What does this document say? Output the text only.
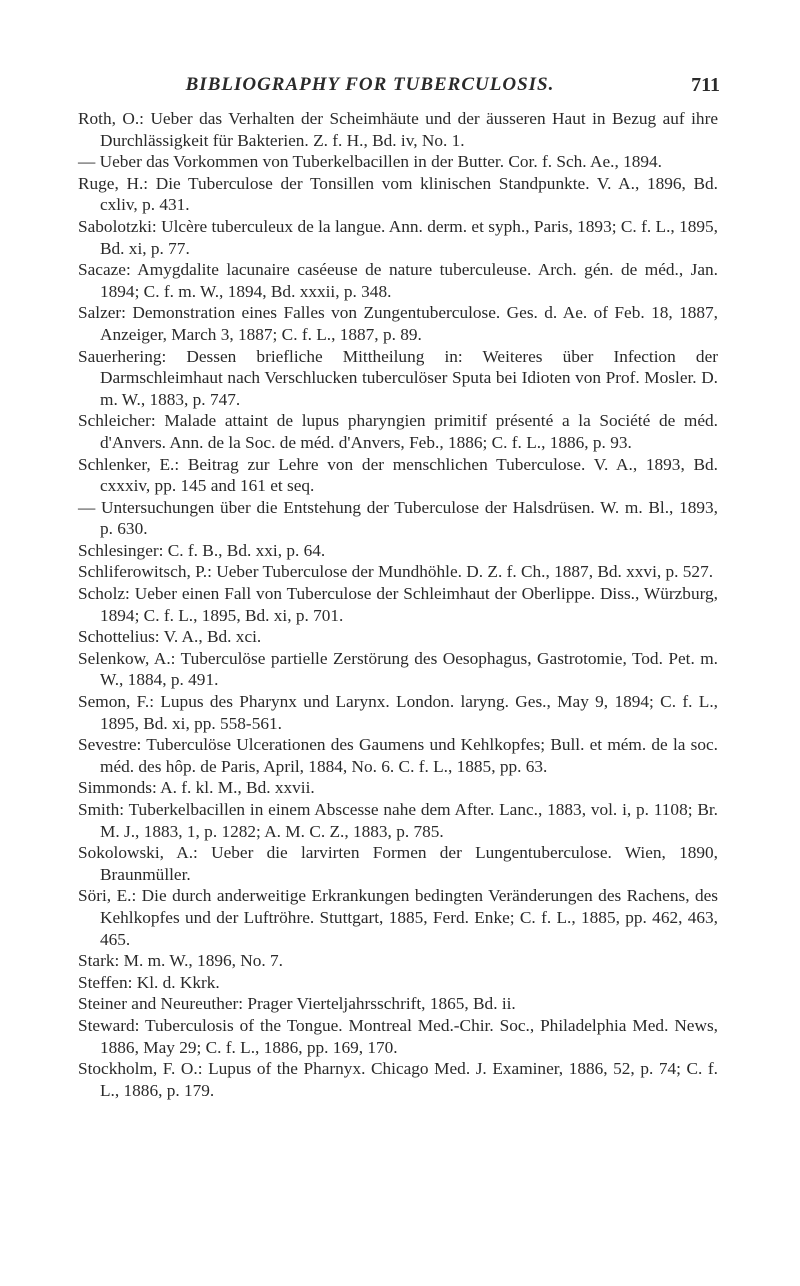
BIBLIOGRAPHY FOR TUBERCULOSIS.	711

Roth, O.: Ueber das Verhalten der Scheimhäute und der äusseren Haut in Bezug auf ihre Durchlässigkeit für Bakterien. Z. f. H., Bd. iv, No. 1.

— Ueber das Vorkommen von Tuberkelbacillen in der Butter. Cor. f. Sch. Ae., 1894.

Ruge, H.: Die Tuberculose der Tonsillen vom klinischen Standpunkte. V. A., 1896, Bd. cxliv, p. 431.

Sabolotzki: Ulcère tuberculeux de la langue. Ann. derm. et syph., Paris, 1893; C. f. L., 1895, Bd. xi, p. 77.

Sacaze: Amygdalite lacunaire caséeuse de nature tuberculeuse. Arch. gén. de méd., Jan. 1894; C. f. m. W., 1894, Bd. xxxii, p. 348.

Salzer: Demonstration eines Falles von Zungentuberculose. Ges. d. Ae. of Feb. 18, 1887, Anzeiger, March 3, 1887; C. f. L., 1887, p. 89.

Sauerhering: Dessen briefliche Mittheilung in: Weiteres über Infection der Darmschleimhaut nach Verschlucken tuberculöser Sputa bei Idioten von Prof. Mosler. D. m. W., 1883, p. 747.

Schleicher: Malade attaint de lupus pharyngien primitif présenté a la Société de méd. d'Anvers. Ann. de la Soc. de méd. d'Anvers, Feb., 1886; C. f. L., 1886, p. 93.

Schlenker, E.: Beitrag zur Lehre von der menschlichen Tuberculose. V. A., 1893, Bd. cxxxiv, pp. 145 and 161 et seq.

— Untersuchungen über die Entstehung der Tuberculose der Halsdrüsen. W. m. Bl., 1893, p. 630.

Schlesinger: C. f. B., Bd. xxi, p. 64.

Schliferowitsch, P.: Ueber Tuberculose der Mundhöhle. D. Z. f. Ch., 1887, Bd. xxvi, p. 527.

Scholz: Ueber einen Fall von Tuberculose der Schleimhaut der Oberlippe. Diss., Würzburg, 1894; C. f. L., 1895, Bd. xi, p. 701.

Schottelius: V. A., Bd. xci.

Selenkow, A.: Tuberculöse partielle Zerstörung des Oesophagus, Gastrotomie, Tod. Pet. m. W., 1884, p. 491.

Semon, F.: Lupus des Pharynx und Larynx. London. laryng. Ges., May 9, 1894; C. f. L., 1895, Bd. xi, pp. 558-561.

Sevestre: Tuberculöse Ulcerationen des Gaumens und Kehlkopfes; Bull. et mém. de la soc. méd. des hôp. de Paris, April, 1884, No. 6. C. f. L., 1885, pp. 63.

Simmonds: A. f. kl. M., Bd. xxvii.

Smith: Tuberkelbacillen in einem Abscesse nahe dem After. Lanc., 1883, vol. i, p. 1108; Br. M. J., 1883, 1, p. 1282; A. M. C. Z., 1883, p. 785.

Sokolowski, A.: Ueber die larvirten Formen der Lungentuberculose. Wien, 1890, Braunmüller.

Söri, E.: Die durch anderweitige Erkrankungen bedingten Veränderungen des Rachens, des Kehlkopfes und der Luftröhre. Stuttgart, 1885, Ferd. Enke; C. f. L., 1885, pp. 462, 463, 465.

Stark: M. m. W., 1896, No. 7.

Steffen: Kl. d. Kkrk.

Steiner and Neureuther: Prager Vierteljahrsschrift, 1865, Bd. ii.

Steward: Tuberculosis of the Tongue. Montreal Med.-Chir. Soc., Philadelphia Med. News, 1886, May 29; C. f. L., 1886, pp. 169, 170.

Stockholm, F. O.: Lupus of the Pharnyx. Chicago Med. J. Examiner, 1886, 52, p. 74; C. f. L., 1886, p. 179.
